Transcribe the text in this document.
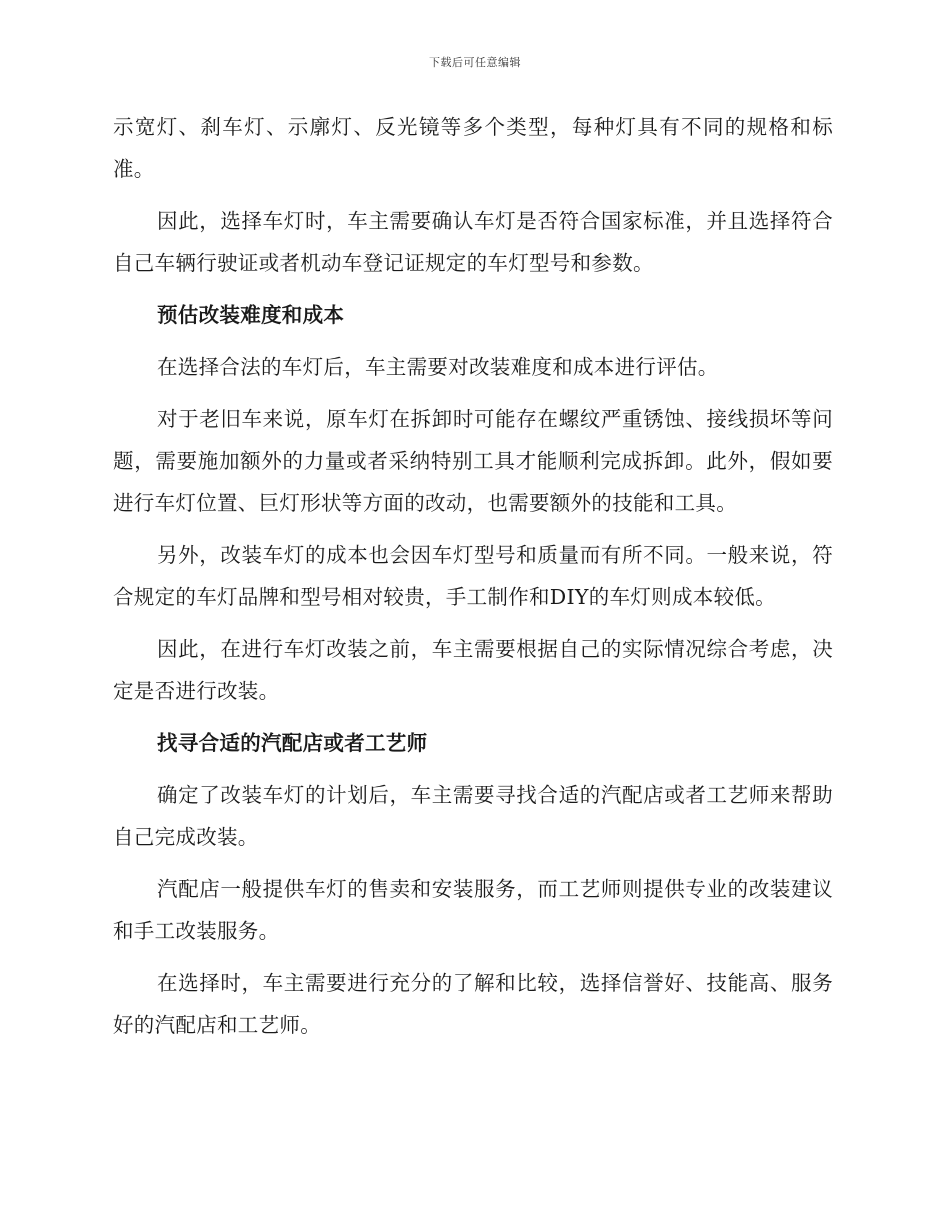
下载后可任意编辑

示宽灯、刹车灯、示廓灯、反光镜等多个类型，每种灯具有不同的规格和标准。

因此，选择车灯时，车主需要确认车灯是否符合国家标准，并且选择符合自己车辆行驶证或者机动车登记证规定的车灯型号和参数。

预估改装难度和成本

在选择合法的车灯后，车主需要对改装难度和成本进行评估。

对于老旧车来说，原车灯在拆卸时可能存在螺纹严重锈蚀、接线损坏等问题，需要施加额外的力量或者采纳特别工具才能顺利完成拆卸。此外，假如要进行车灯位置、巨灯形状等方面的改动，也需要额外的技能和工具。

另外，改装车灯的成本也会因车灯型号和质量而有所不同。一般来说，符合规定的车灯品牌和型号相对较贵，手工制作和DIY的车灯则成本较低。

因此，在进行车灯改装之前，车主需要根据自己的实际情况综合考虑，决定是否进行改装。

找寻合适的汽配店或者工艺师

确定了改装车灯的计划后，车主需要寻找合适的汽配店或者工艺师来帮助自己完成改装。

汽配店一般提供车灯的售卖和安装服务，而工艺师则提供专业的改装建议和手工改装服务。

在选择时，车主需要进行充分的了解和比较，选择信誉好、技能高、服务好的汽配店和工艺师。
